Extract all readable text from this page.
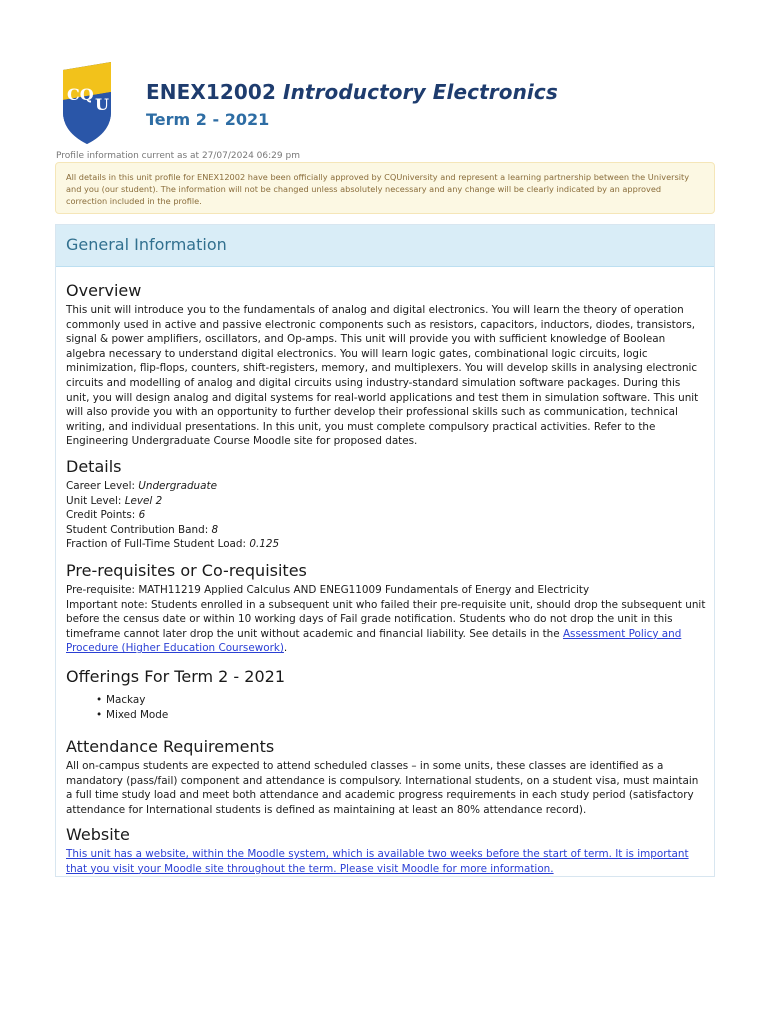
CQ
U
ENEX12002 Introductory Electronics
Term 2 - 2021
Profile information current as at 27/07/2024 06:29 pm
All details in this unit profile for ENEX12002 have been officially approved by CQUniversity and represent a learning partnership between the University and you (our student). The information will not be changed unless absolutely necessary and any change will be clearly indicated by an approved correction included in the profile.
General Information
Overview
This unit will introduce you to the fundamentals of analog and digital electronics. You will learn the theory of operation commonly used in active and passive electronic components such as resistors, capacitors, inductors, diodes, transistors, signal & power amplifiers, oscillators, and Op-amps. This unit will provide you with sufficient knowledge of Boolean algebra necessary to understand digital electronics. You will learn logic gates, combinational logic circuits, logic minimization, flip-flops, counters, shift-registers, memory, and multiplexers. You will develop skills in analysing electronic circuits and modelling of analog and digital circuits using industry-standard simulation software packages. During this unit, you will design analog and digital systems for real-world applications and test them in simulation software. This unit will also provide you with an opportunity to further develop their professional skills such as communication, technical writing, and individual presentations. In this unit, you must complete compulsory practical activities. Refer to the Engineering Undergraduate Course Moodle site for proposed dates.
Details
Career Level: Undergraduate
Unit Level: Level 2
Credit Points: 6
Student Contribution Band: 8
Fraction of Full-Time Student Load: 0.125
Pre-requisites or Co-requisites
Pre-requisite: MATH11219 Applied Calculus AND ENEG11009 Fundamentals of Energy and Electricity
Important note: Students enrolled in a subsequent unit who failed their pre-requisite unit, should drop the subsequent unit before the census date or within 10 working days of Fail grade notification. Students who do not drop the unit in this timeframe cannot later drop the unit without academic and financial liability. See details in the Assessment Policy and Procedure (Higher Education Coursework).
Offerings For Term 2 - 2021
• Mackay
• Mixed Mode
Attendance Requirements
All on-campus students are expected to attend scheduled classes – in some units, these classes are identified as a mandatory (pass/fail) component and attendance is compulsory. International students, on a student visa, must maintain a full time study load and meet both attendance and academic progress requirements in each study period (satisfactory attendance for International students is defined as maintaining at least an 80% attendance record).
Website
This unit has a website, within the Moodle system, which is available two weeks before the start of term. It is important that you visit your Moodle site throughout the term. Please visit Moodle for more information.
